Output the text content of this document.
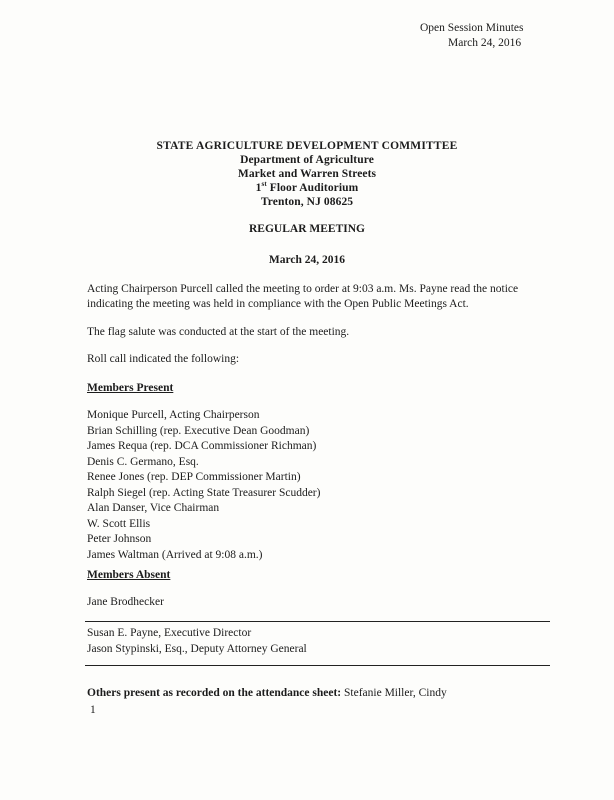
Open Session Minutes
March 24, 2016
STATE AGRICULTURE DEVELOPMENT COMMITTEE
Department of Agriculture
Market and Warren Streets
1st Floor Auditorium
Trenton, NJ 08625
REGULAR MEETING
March 24, 2016
Acting Chairperson Purcell called the meeting to order at 9:03 a.m. Ms. Payne read the notice indicating the meeting was held in compliance with the Open Public Meetings Act.
The flag salute was conducted at the start of the meeting.
Roll call indicated the following:
Members Present
Monique Purcell, Acting Chairperson
Brian Schilling (rep. Executive Dean Goodman)
James Requa (rep. DCA Commissioner Richman)
Denis C. Germano, Esq.
Renee Jones (rep. DEP Commissioner Martin)
Ralph Siegel (rep. Acting State Treasurer Scudder)
Alan Danser, Vice Chairman
W. Scott Ellis
Peter Johnson
James Waltman (Arrived at 9:08 a.m.)
Members Absent
Jane Brodhecker
Susan E. Payne, Executive Director
Jason Stypinski, Esq., Deputy Attorney General
Others present as recorded on the attendance sheet: Stefanie Miller, Cindy
1
